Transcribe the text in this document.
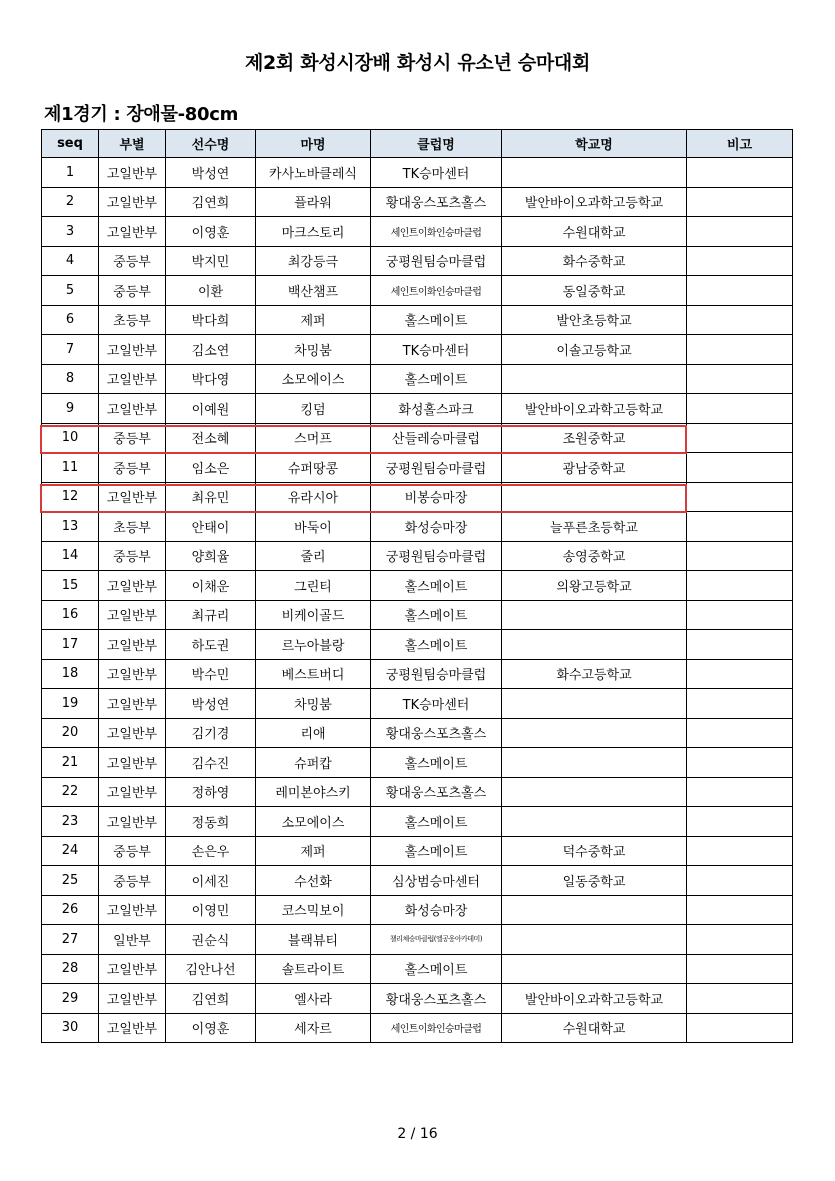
제2회 화성시장배 화성시 유소년 승마대회
제1경기 : 장애물-80cm
seq	부별	선수명	마명	클럽명	학교명	비고
1	고일반부	박성연	카사노바클레식	TK승마센터		
2	고일반부	김연희	플라워	황대웅스포츠홀스	발안바이오과학고등학교	
3	고일반부	이영훈	마크스토리	세인트이화인승마클럽	수원대학교	
4	중등부	박지민	최강등극	궁평원팀승마클럽	화수중학교	
5	중등부	이환	백산챔프	세인트이화인승마클럽	동일중학교	
6	초등부	박다희	제퍼	홀스메이트	발안초등학교	
7	고일반부	김소연	차밍붐	TK승마센터	이솔고등학교	
8	고일반부	박다영	소모에이스	홀스메이트		
9	고일반부	이예원	킹덤	화성홀스파크	발안바이오과학고등학교	
10	중등부	전소혜	스머프	산들레승마클럽	조원중학교	
11	중등부	임소은	슈퍼땅콩	궁평원팀승마클럽	광남중학교	
12	고일반부	최유민	유라시아	비봉승마장		
13	초등부	안태이	바둑이	화성승마장	늘푸른초등학교	
14	중등부	양희율	줄리	궁평원팀승마클럽	송영중학교	
15	고일반부	이채운	그린티	홀스메이트	의왕고등학교	
16	고일반부	최규리	비케이골드	홀스메이트		
17	고일반부	하도권	르누아블랑	홀스메이트		
18	고일반부	박수민	베스트버디	궁평원팀승마클럽	화수고등학교	
19	고일반부	박성연	차밍붐	TK승마센터		
20	고일반부	김기경	리애	황대웅스포츠홀스		
21	고일반부	김수진	슈퍼캅	홀스메이트		
22	고일반부	정하영	레미본야스키	황대웅스포츠홀스		
23	고일반부	정동희	소모에이스	홀스메이트		
24	중등부	손은우	제퍼	홀스메이트	덕수중학교	
25	중등부	이세진	수선화	심상범승마센터	일동중학교	
26	고일반부	이영민	코스믹보이	화성승마장		
27	일반부	권순식	블랙뷰티	챌리체승마클럽(엘공웅아카데미)		
28	고일반부	김안나선	솔트라이트	홀스메이트		
29	고일반부	김연희	엘사라	황대웅스포츠홀스	발안바이오과학고등학교	
30	고일반부	이영훈	세자르	세인트이화인승마클럽	수원대학교	
2 / 16
